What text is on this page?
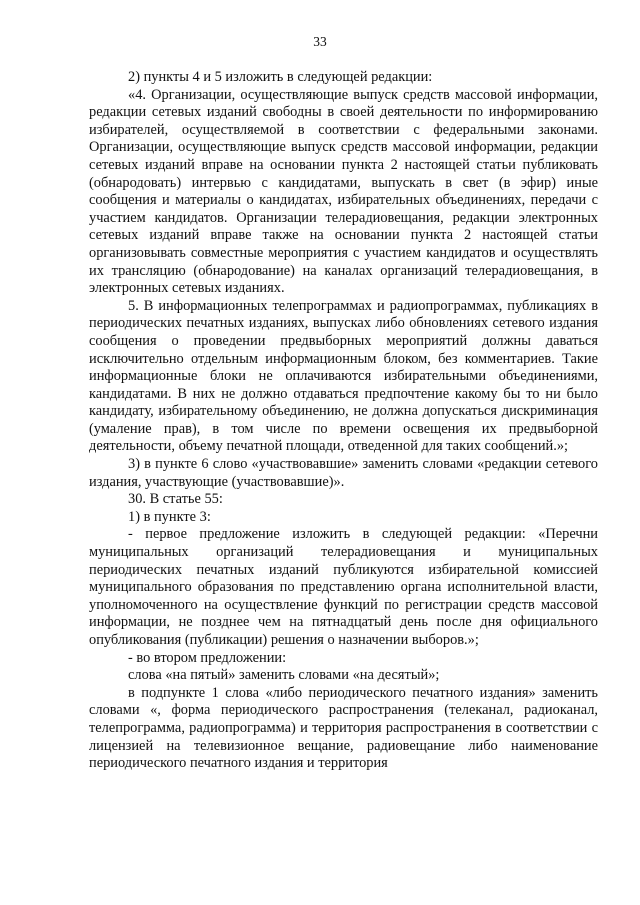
33

2) пункты 4 и 5 изложить в следующей редакции:

«4. Организации, осуществляющие выпуск средств массовой информации, редакции сетевых изданий свободны в своей деятельности по информированию избирателей, осуществляемой в соответствии с федеральными законами. Организации, осуществляющие выпуск средств массовой информации, редакции сетевых изданий вправе на основании пункта 2 настоящей статьи публиковать (обнародовать) интервью с кандидатами, выпускать в свет (в эфир) иные сообщения и материалы о кандидатах, избирательных объединениях, передачи с участием кандидатов. Организации телерадиовещания, редакции электронных сетевых изданий вправе также на основании пункта 2 настоящей статьи организовывать совместные мероприятия с участием кандидатов и осуществлять их трансляцию (обнародование) на каналах организаций телерадиовещания, в электронных сетевых изданиях.

5. В информационных телепрограммах и радиопрограммах, публикациях в периодических печатных изданиях, выпусках либо обновлениях сетевого издания сообщения о проведении предвыборных мероприятий должны даваться исключительно отдельным информационным блоком, без комментариев. Такие информационные блоки не оплачиваются избирательными объединениями, кандидатами. В них не должно отдаваться предпочтение какому бы то ни было кандидату, избирательному объединению, не должна допускаться дискриминация (умаление прав), в том числе по времени освещения их предвыборной деятельности, объему печатной площади, отведенной для таких сообщений.»;

3) в пункте 6 слово «участвовавшие» заменить словами «редакции сетевого издания, участвующие (участвовавшие)».

30. В статье 55:

1) в пункте 3:

- первое предложение изложить в следующей редакции: «Перечни муниципальных организаций телерадиовещания и муниципальных периодических печатных изданий публикуются избирательной комиссией муниципального образования по представлению органа исполнительной власти, уполномоченного на осуществление функций по регистрации средств массовой информации, не позднее чем на пятнадцатый день после дня официального опубликования (публикации) решения о назначении выборов.»;

- во втором предложении:

слова «на пятый» заменить словами «на десятый»;

в подпункте 1 слова «либо периодического печатного издания» заменить словами «, форма периодического распространения (телеканал, радиоканал, телепрограмма, радиопрограмма) и территория распространения в соответствии с лицензией на телевизионное вещание, радиовещание либо наименование периодического печатного издания и территория
